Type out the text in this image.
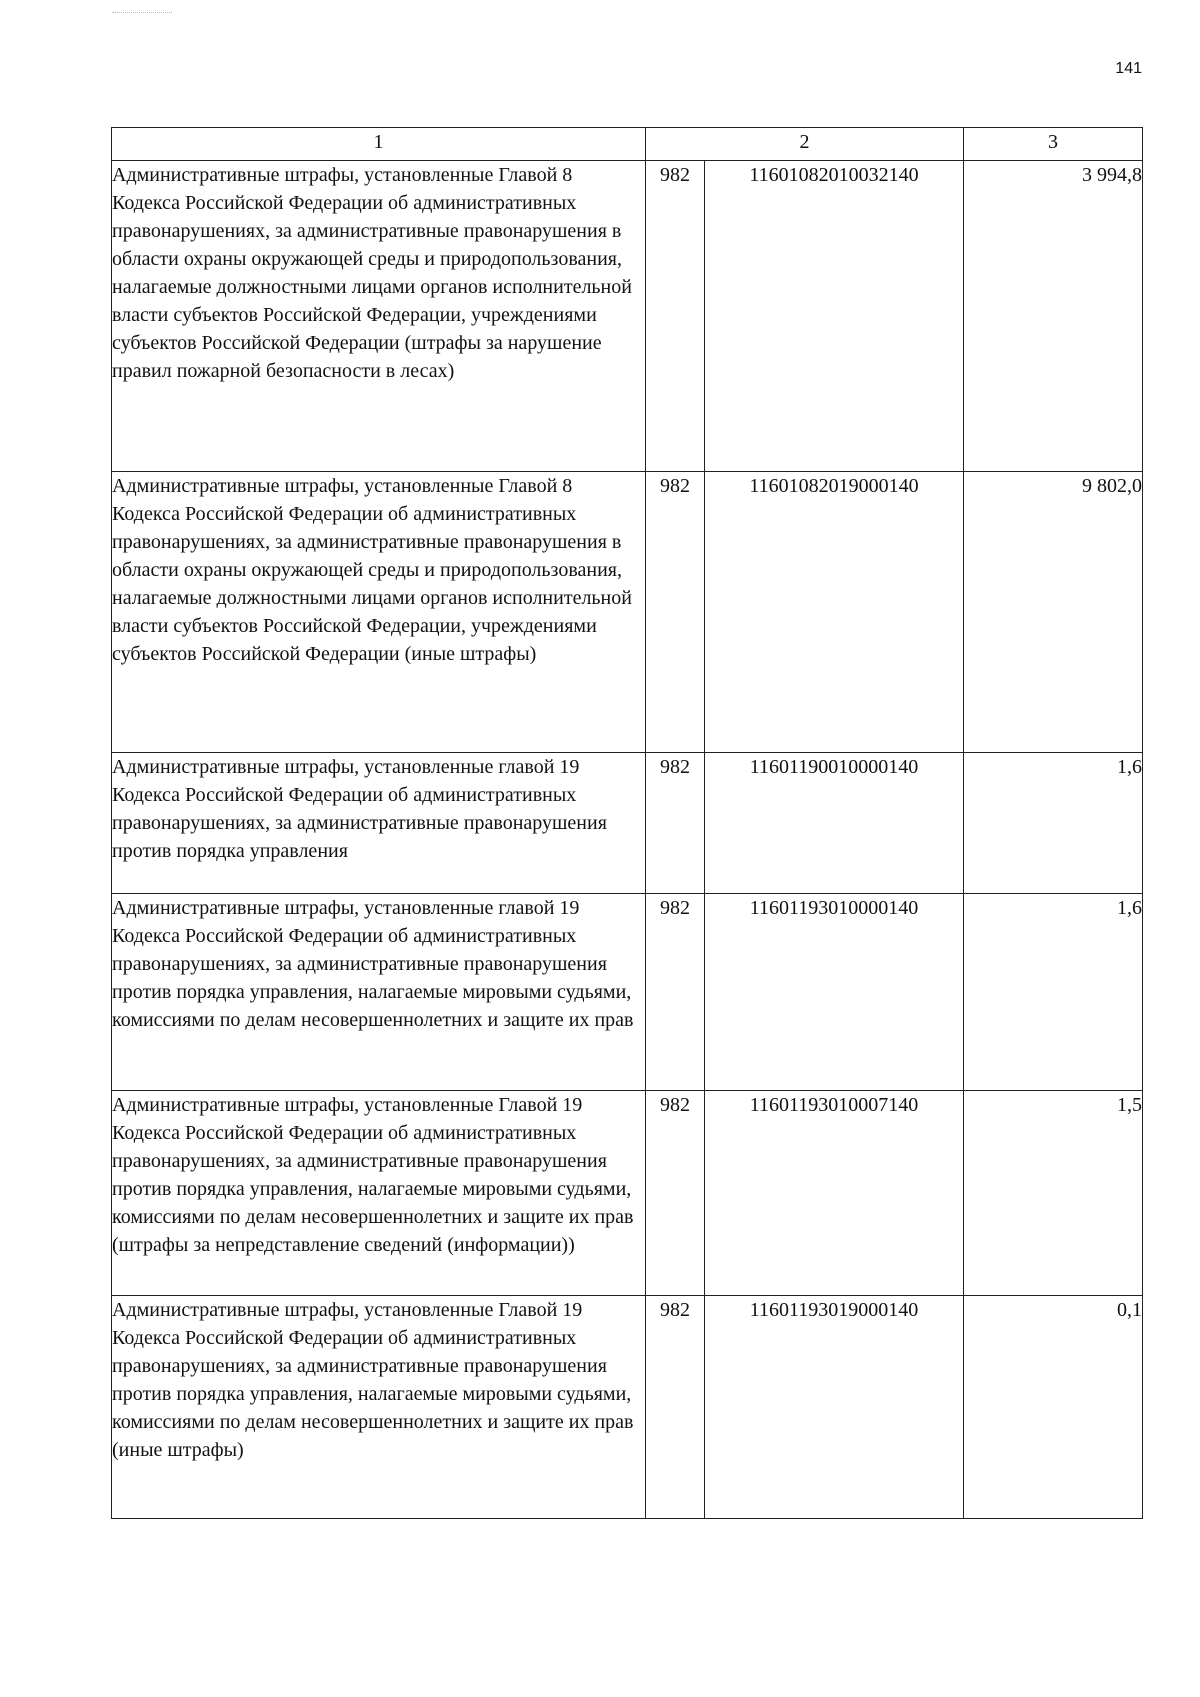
141
1	2		3
Административные штрафы, установленные Главой 8 Кодекса Российской Федерации об административных правонарушениях, за административные правонарушения в области охраны окружающей среды и природопользования, налагаемые должностными лицами органов исполнительной власти субъектов Российской Федерации, учреждениями субъектов Российской Федерации (штрафы за нарушение правил пожарной безопасности в лесах)	982	11601082010032140	3 994,8
Административные штрафы, установленные Главой 8 Кодекса Российской Федерации об административных правонарушениях, за административные правонарушения в области охраны окружающей среды и природопользования, налагаемые должностными лицами органов исполнительной власти субъектов Российской Федерации, учреждениями субъектов Российской Федерации (иные штрафы)	982	11601082019000140	9 802,0
Административные штрафы, установленные главой 19 Кодекса Российской Федерации об административных правонарушениях, за административные правонарушения против порядка управления	982	11601190010000140	1,6
Административные штрафы, установленные главой 19 Кодекса Российской Федерации об административных правонарушениях, за административные правонарушения против порядка управления, налагаемые мировыми судьями, комиссиями по делам несовершеннолетних и защите их прав	982	11601193010000140	1,6
Административные штрафы, установленные Главой 19 Кодекса Российской Федерации об административных правонарушениях, за административные правонарушения против порядка управления, налагаемые мировыми судьями, комиссиями по делам несовершеннолетних и защите их прав (штрафы за непредставление сведений (информации))	982	11601193010007140	1,5
Административные штрафы, установленные Главой 19 Кодекса Российской Федерации об административных правонарушениях, за административные правонарушения против порядка управления, налагаемые мировыми судьями, комиссиями по делам несовершеннолетних и защите их прав (иные штрафы)	982	11601193019000140	0,1
